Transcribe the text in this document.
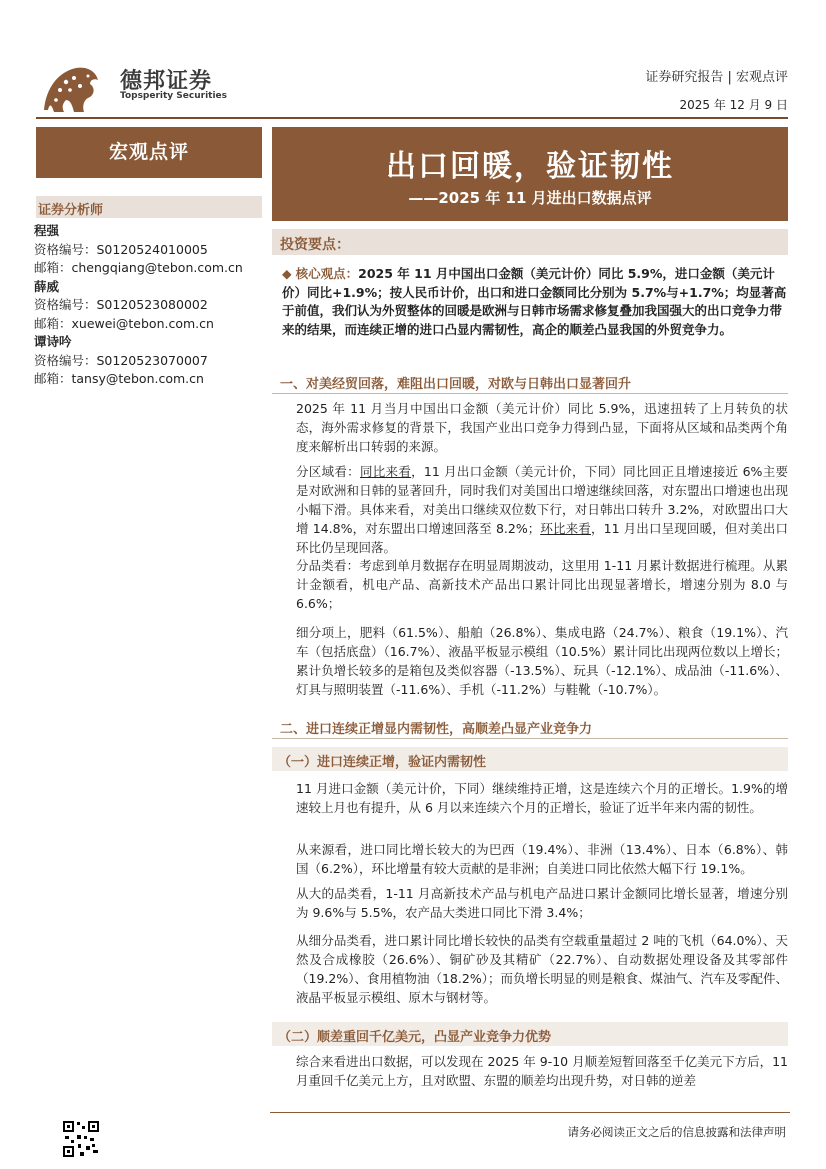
德邦证券
Topsperity Securities
证券研究报告 | 宏观点评
2025 年 12 月 9 日
宏观点评
证券分析师
程强
资格编号：S0120524010005
邮箱：chengqiang@tebon.com.cn
薛威
资格编号：S0120523080002
邮箱：xuewei@tebon.com.cn
谭诗吟
资格编号：S0120523070007
邮箱：tansy@tebon.com.cn
出口回暖，验证韧性
——2025 年 11 月进出口数据点评
投资要点：
◆ 核心观点：2025 年 11 月中国出口金额（美元计价）同比 5.9%，进口金额（美元计价）同比+1.9%；按人民币计价，出口和进口金额同比分别为 5.7%与+1.7%；均显著高于前值，我们认为外贸整体的回暖是欧洲与日韩市场需求修复叠加我国强大的出口竞争力带来的结果，而连续正增的进口凸显内需韧性，高企的顺差凸显我国的外贸竞争力。
一、对美经贸回落，难阻出口回暖，对欧与日韩出口显著回升
2025 年 11 月当月中国出口金额（美元计价）同比 5.9%，迅速扭转了上月转负的状态，海外需求修复的背景下，我国产业出口竞争力得到凸显，下面将从区域和品类两个角度来解析出口转弱的来源。
分区域看：同比来看，11 月出口金额（美元计价，下同）同比回正且增速接近 6%主要是对欧洲和日韩的显著回升，同时我们对美国出口增速继续回落，对东盟出口增速也出现小幅下滑。具体来看，对美出口继续双位数下行，对日韩出口转升 3.2%，对欧盟出口大增 14.8%，对东盟出口增速回落至 8.2%；环比来看，11 月出口呈现回暖，但对美出口环比仍呈现回落。
分品类看：考虑到单月数据存在明显周期波动，这里用 1-11 月累计数据进行梳理。从累计金额看，机电产品、高新技术产品出口累计同比出现显著增长，增速分别为 8.0 与 6.6%；
细分项上，肥料（61.5%）、船舶（26.8%）、集成电路（24.7%）、粮食（19.1%）、汽车（包括底盘）（16.7%）、液晶平板显示模组（10.5%）累计同比出现两位数以上增长；累计负增长较多的是箱包及类似容器（-13.5%）、玩具（-12.1%）、成品油（-11.6%）、灯具与照明装置（-11.6%）、手机（-11.2%）与鞋靴（-10.7%）。
二、进口连续正增显内需韧性，高顺差凸显产业竞争力
（一）进口连续正增，验证内需韧性
11 月进口金额（美元计价，下同）继续维持正增，这是连续六个月的正增长。1.9%的增速较上月也有提升，从 6 月以来连续六个月的正增长，验证了近半年来内需的韧性。
从来源看，进口同比增长较大的为巴西（19.4%）、非洲（13.4%）、日本（6.8%）、韩国（6.2%），环比增量有较大贡献的是非洲；自美进口同比依然大幅下行 19.1%。
从大的品类看，1-11 月高新技术产品与机电产品进口累计金额同比增长显著，增速分别为 9.6%与 5.5%，农产品大类进口同比下滑 3.4%；
从细分品类看，进口累计同比增长较快的品类有空载重量超过 2 吨的飞机（64.0%）、天然及合成橡胶（26.6%）、铜矿砂及其精矿（22.7%）、自动数据处理设备及其零部件（19.2%）、食用植物油（18.2%）；而负增长明显的则是粮食、煤油气、汽车及零配件、液晶平板显示模组、原木与钢材等。
（二）顺差重回千亿美元，凸显产业竞争力优势
综合来看进出口数据，可以发现在 2025 年 9-10 月顺差短暂回落至千亿美元下方后，11 月重回千亿美元上方，且对欧盟、东盟的顺差均出现升势，对日韩的逆差
请务必阅读正文之后的信息披露和法律声明
